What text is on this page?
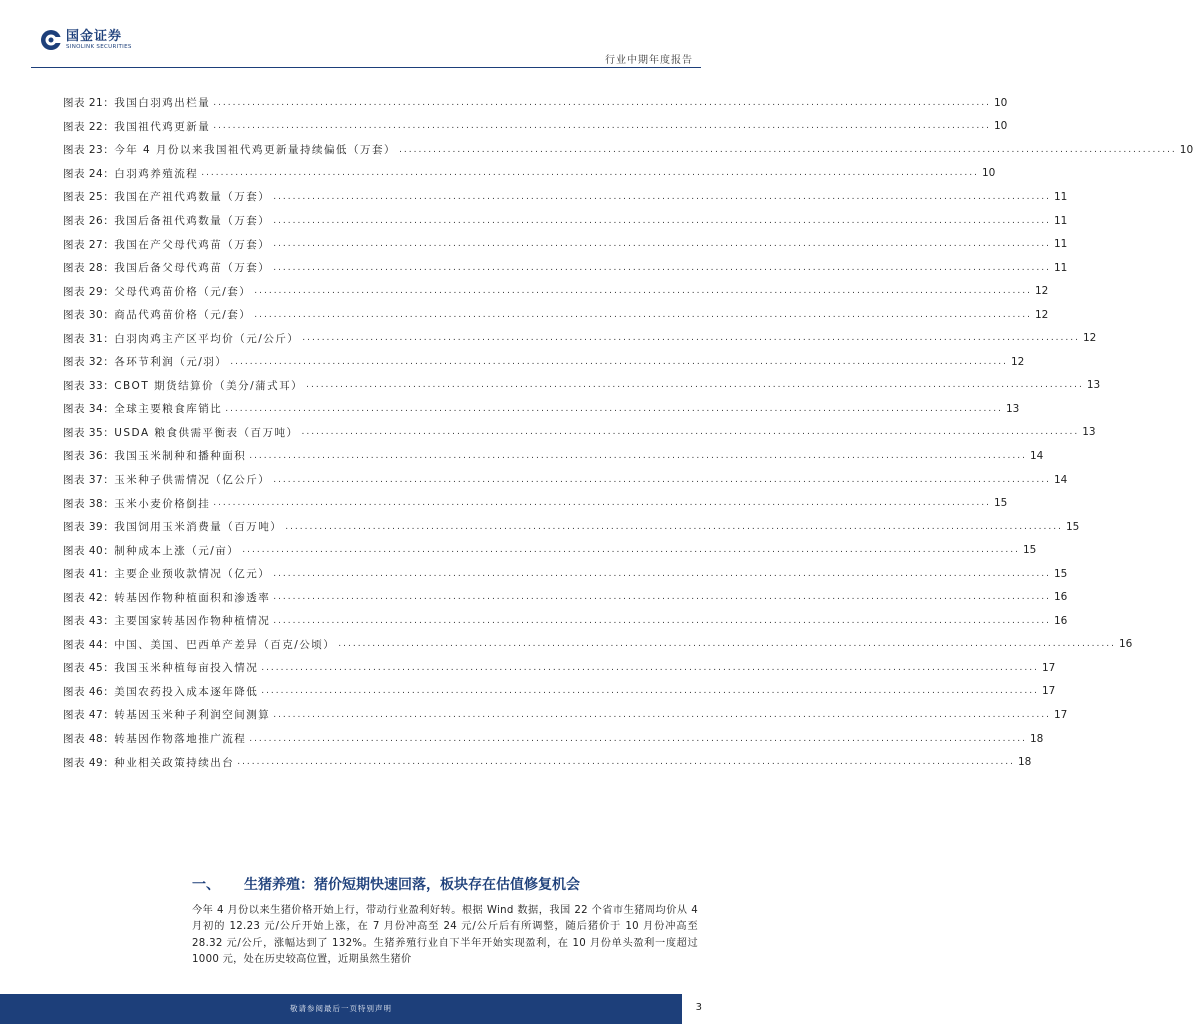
国金证券
SINOLINK SECURITIES
行业中期年度报告
图表 21： 我国白羽鸡出栏量 ................................................................................................................................................................ 10
图表 22： 我国祖代鸡更新量 ................................................................................................................................................................ 10
图表 23： 今年 4 月份以来我国祖代鸡更新量持续偏低（万套） ................................................................................................................................................................ 10
图表 24： 白羽鸡养殖流程 ................................................................................................................................................................ 10
图表 25： 我国在产祖代鸡数量（万套） ................................................................................................................................................................ 11
图表 26： 我国后备祖代鸡数量（万套） ................................................................................................................................................................ 11
图表 27： 我国在产父母代鸡苗（万套） ................................................................................................................................................................ 11
图表 28： 我国后备父母代鸡苗（万套） ................................................................................................................................................................ 11
图表 29： 父母代鸡苗价格（元/套） ................................................................................................................................................................ 12
图表 30： 商品代鸡苗价格（元/套） ................................................................................................................................................................ 12
图表 31： 白羽肉鸡主产区平均价（元/公斤） ................................................................................................................................................................ 12
图表 32： 各环节利润（元/羽） ................................................................................................................................................................ 12
图表 33： CBOT 期货结算价（美分/蒲式耳） ................................................................................................................................................................ 13
图表 34： 全球主要粮食库销比 ................................................................................................................................................................ 13
图表 35： USDA 粮食供需平衡表（百万吨） ................................................................................................................................................................ 13
图表 36： 我国玉米制种和播种面积 ................................................................................................................................................................ 14
图表 37： 玉米种子供需情况（亿公斤） ................................................................................................................................................................ 14
图表 38： 玉米小麦价格倒挂 ................................................................................................................................................................ 15
图表 39： 我国饲用玉米消费量（百万吨） ................................................................................................................................................................ 15
图表 40： 制种成本上涨（元/亩） ................................................................................................................................................................ 15
图表 41： 主要企业预收款情况（亿元） ................................................................................................................................................................ 15
图表 42： 转基因作物种植面积和渗透率 ................................................................................................................................................................ 16
图表 43： 主要国家转基因作物种植情况 ................................................................................................................................................................ 16
图表 44： 中国、美国、巴西单产差异（百克/公顷） ................................................................................................................................................................ 16
图表 45： 我国玉米种植每亩投入情况 ................................................................................................................................................................ 17
图表 46： 美国农药投入成本逐年降低 ................................................................................................................................................................ 17
图表 47： 转基因玉米种子利润空间测算 ................................................................................................................................................................ 17
图表 48： 转基因作物落地推广流程 ................................................................................................................................................................ 18
图表 49： 种业相关政策持续出台 ................................................................................................................................................................ 18
一、 生猪养殖：猪价短期快速回落，板块存在估值修复机会

今年 4 月份以来生猪价格开始上行，带动行业盈利好转。根据 Wind 数据，我国 22 个省市生猪周均价从 4 月初的 12.23 元/公斤开始上涨，在 7 月份冲高至 24 元/公斤后有所调整，随后猪价于 10 月份冲高至 28.32 元/公斤，涨幅达到了 132%。生猪养殖行业自下半年开始实现盈利，在 10 月份单头盈利一度超过 1000 元，处在历史较高位置，近期虽然生猪价

敬请参阅最后一页特别声明	3
